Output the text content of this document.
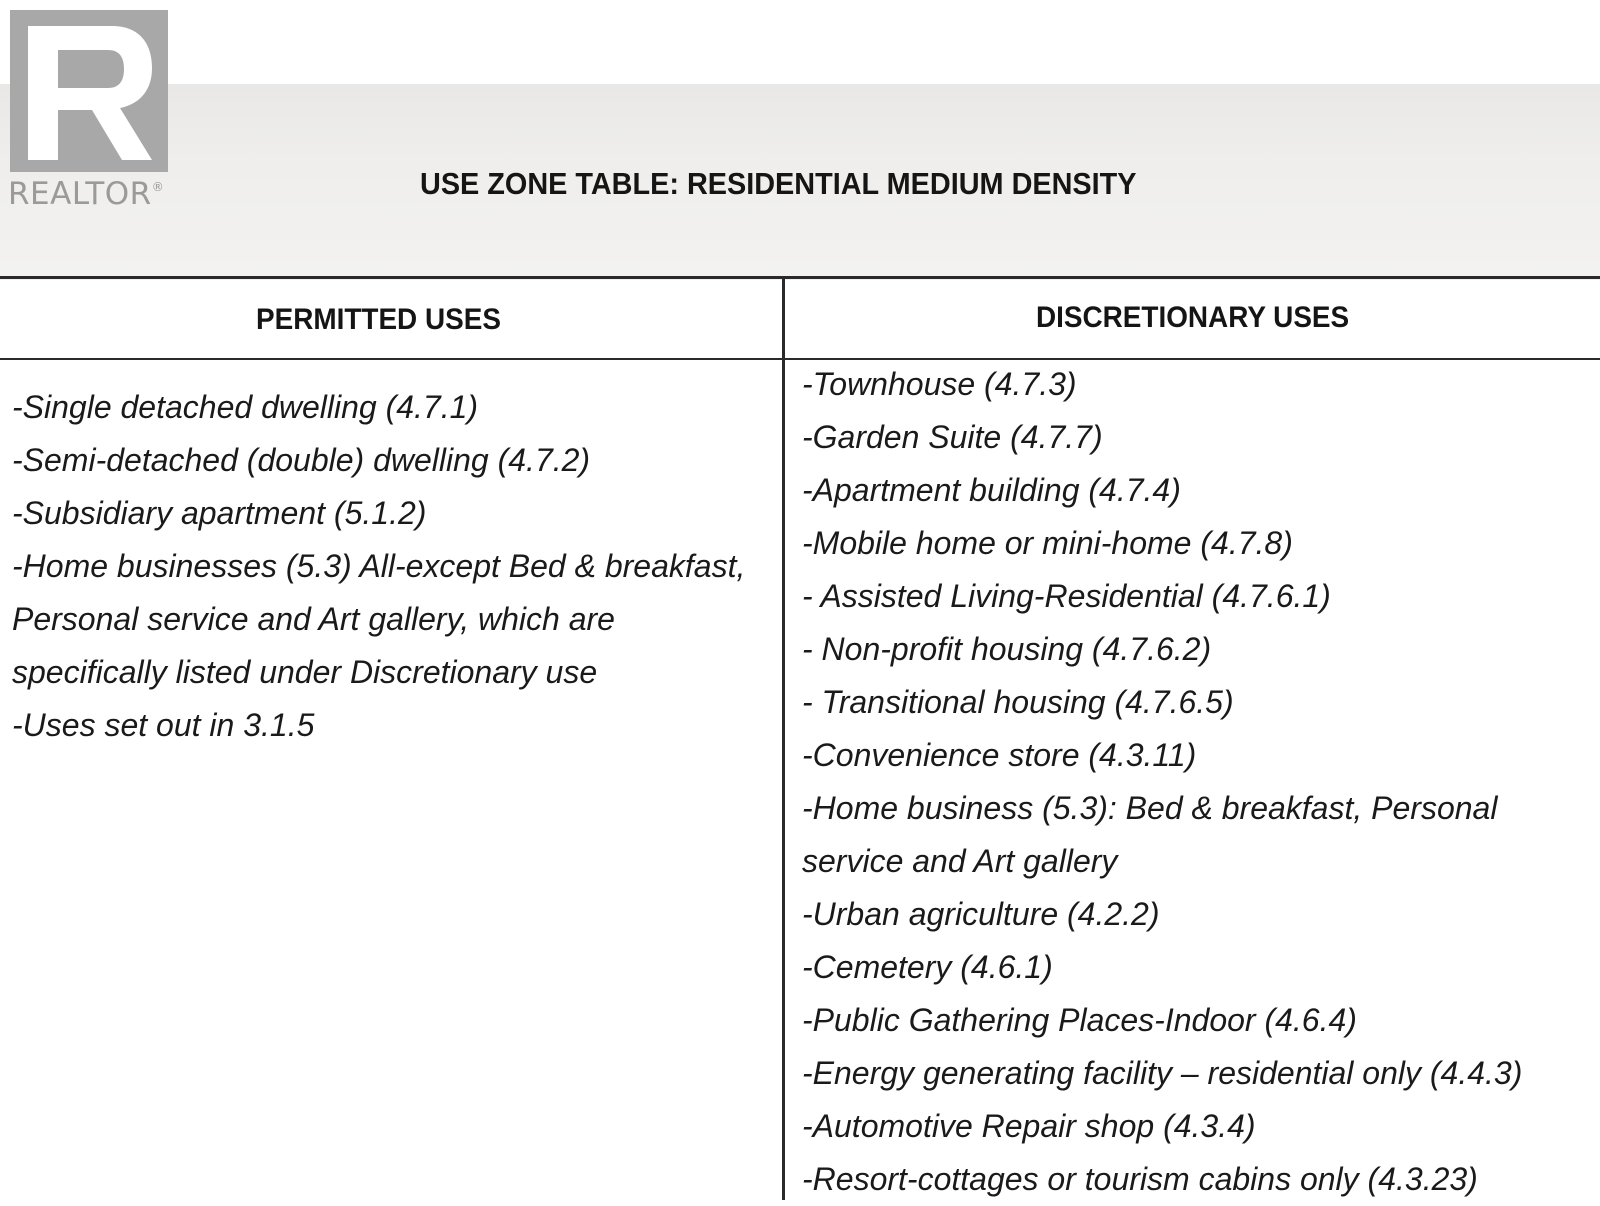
REALTOR®	USE ZONE TABLE: RESIDENTIAL MEDIUM DENSITY
PERMITTED USES	DISCRETIONARY USES
-Single detached dwelling (4.7.1)
-Semi-detached (double) dwelling (4.7.2)
-Subsidiary apartment (5.1.2)
-Home businesses (5.3) All-except Bed & breakfast, Personal service and Art gallery, which are specifically listed under Discretionary use
-Uses set out in 3.1.5
-Townhouse (4.7.3)
-Garden Suite (4.7.7)
-Apartment building (4.7.4)
-Mobile home or mini-home (4.7.8)
- Assisted Living-Residential (4.7.6.1)
- Non-profit housing (4.7.6.2)
- Transitional housing (4.7.6.5)
-Convenience store (4.3.11)
-Home business (5.3): Bed & breakfast, Personal service and Art gallery
-Urban agriculture (4.2.2)
-Cemetery (4.6.1)
-Public Gathering Places-Indoor (4.6.4)
-Energy generating facility – residential only (4.4.3)
-Automotive Repair shop (4.3.4)
-Resort-cottages or tourism cabins only (4.3.23)
